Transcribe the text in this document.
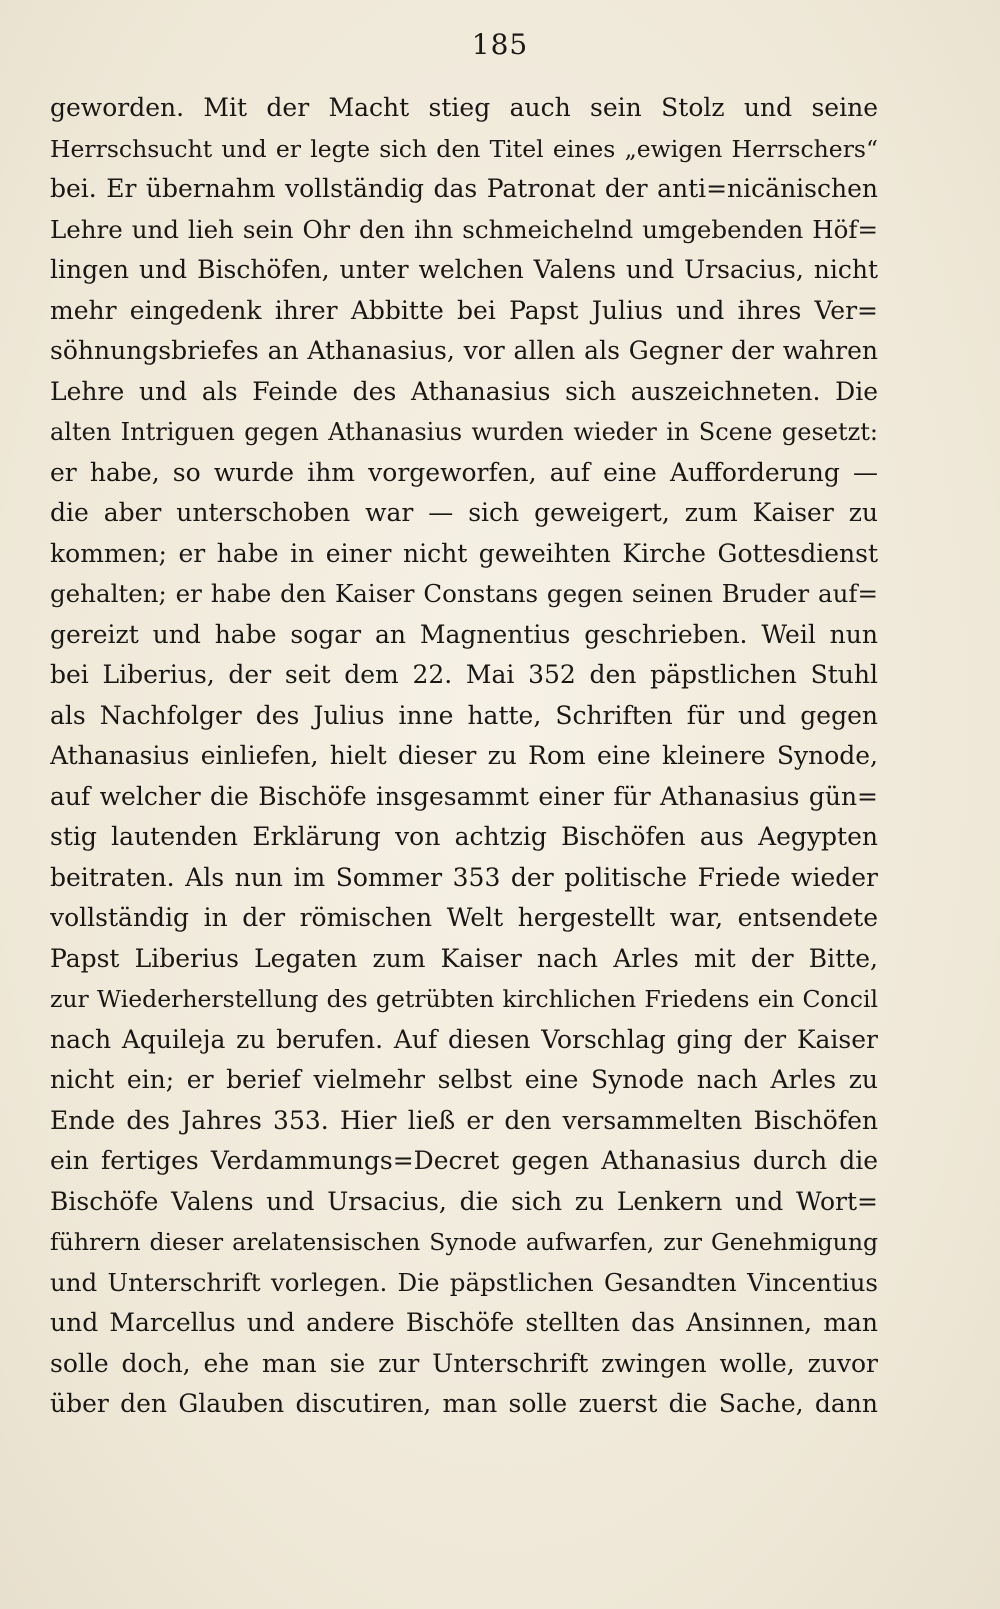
185
geworden. Mit der Macht stieg auch sein Stolz und seine
Herrschsucht und er legte sich den Titel eines „ewigen Herrschers“
bei. Er übernahm vollständig das Patronat der anti=nicänischen
Lehre und lieh sein Ohr den ihn schmeichelnd umgebenden Höf=
lingen und Bischöfen, unter welchen Valens und Ursacius, nicht
mehr eingedenk ihrer Abbitte bei Papst Julius und ihres Ver=
söhnungsbriefes an Athanasius, vor allen als Gegner der wahren
Lehre und als Feinde des Athanasius sich auszeichneten. Die
alten Intriguen gegen Athanasius wurden wieder in Scene gesetzt:
er habe, so wurde ihm vorgeworfen, auf eine Aufforderung —
die aber unterschoben war — sich geweigert, zum Kaiser zu
kommen; er habe in einer nicht geweihten Kirche Gottesdienst
gehalten; er habe den Kaiser Constans gegen seinen Bruder auf=
gereizt und habe sogar an Magnentius geschrieben. Weil nun
bei Liberius, der seit dem 22. Mai 352 den päpstlichen Stuhl
als Nachfolger des Julius inne hatte, Schriften für und gegen
Athanasius einliefen, hielt dieser zu Rom eine kleinere Synode,
auf welcher die Bischöfe insgesammt einer für Athanasius gün=
stig lautenden Erklärung von achtzig Bischöfen aus Aegypten
beitraten. Als nun im Sommer 353 der politische Friede wieder
vollständig in der römischen Welt hergestellt war, entsendete
Papst Liberius Legaten zum Kaiser nach Arles mit der Bitte,
zur Wiederherstellung des getrübten kirchlichen Friedens ein Concil
nach Aquileja zu berufen. Auf diesen Vorschlag ging der Kaiser
nicht ein; er berief vielmehr selbst eine Synode nach Arles zu
Ende des Jahres 353. Hier ließ er den versammelten Bischöfen
ein fertiges Verdammungs=Decret gegen Athanasius durch die
Bischöfe Valens und Ursacius, die sich zu Lenkern und Wort=
führern dieser arelatensischen Synode aufwarfen, zur Genehmigung
und Unterschrift vorlegen. Die päpstlichen Gesandten Vincentius
und Marcellus und andere Bischöfe stellten das Ansinnen, man
solle doch, ehe man sie zur Unterschrift zwingen wolle, zuvor
über den Glauben discutiren, man solle zuerst die Sache, dann
